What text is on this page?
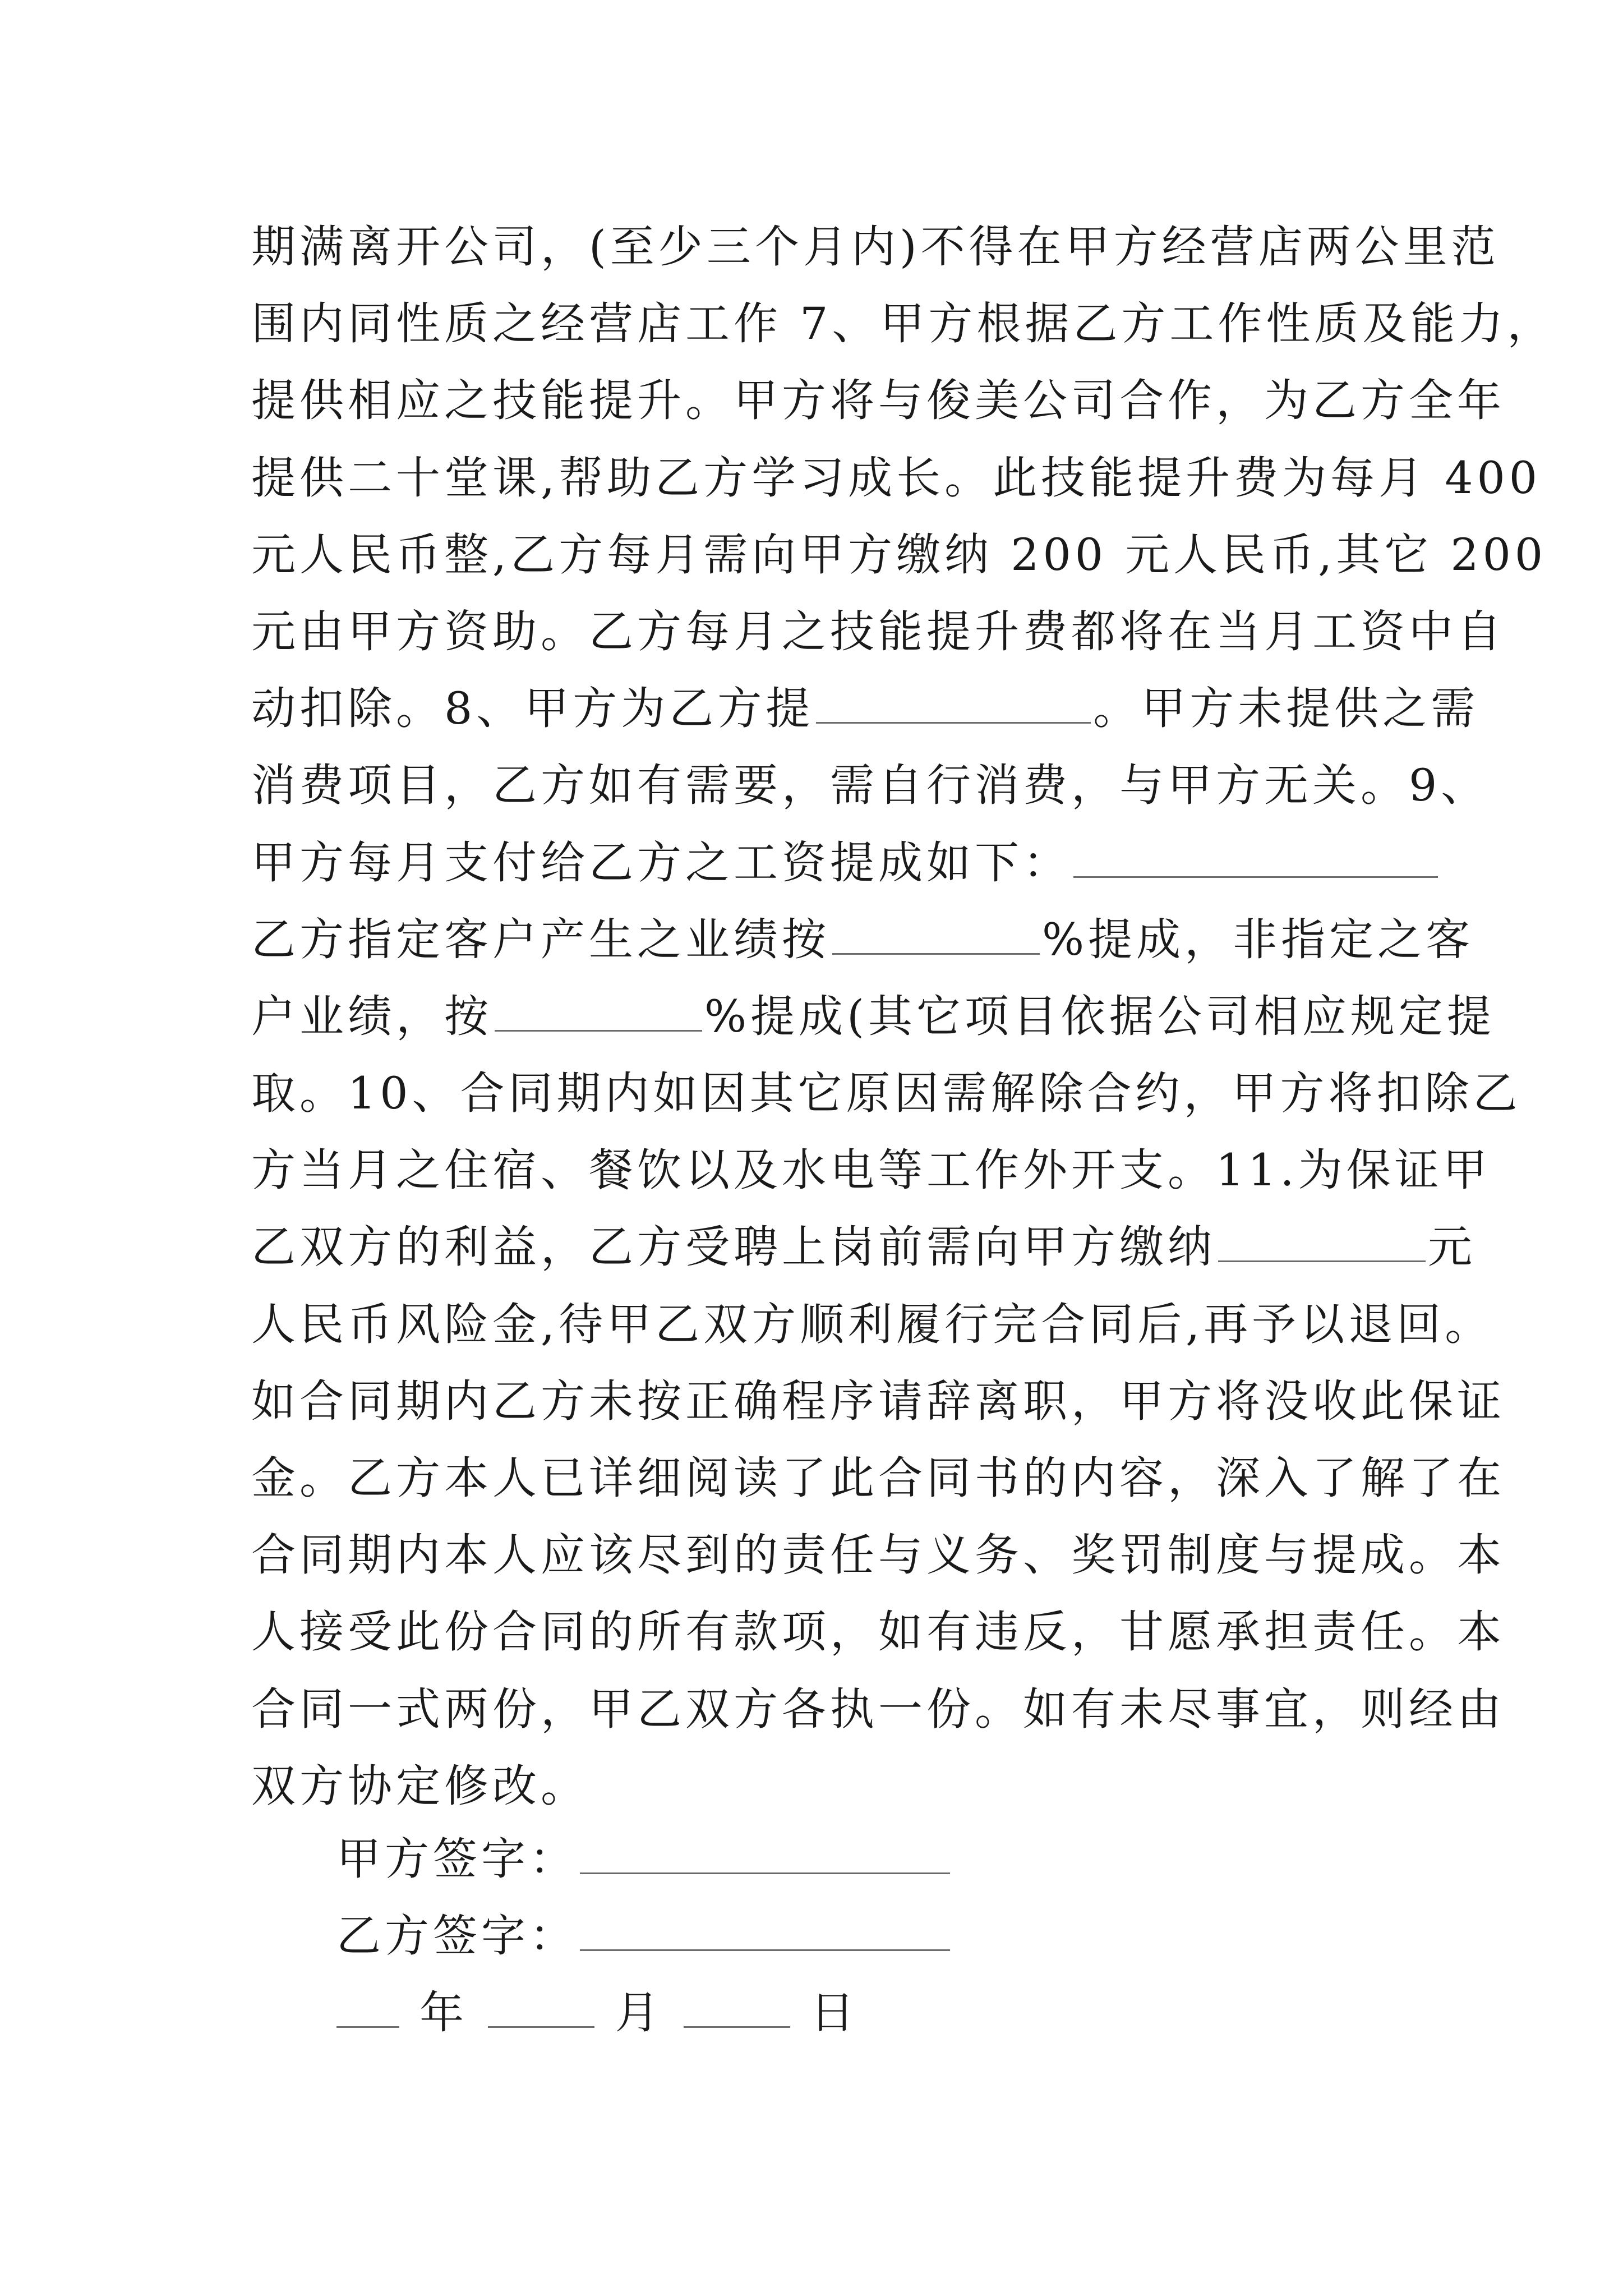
期满离开公司，(至少三个月内)不得在甲方经营店两公里范
围内同性质之经营店工作 7、甲方根据乙方工作性质及能力，
提供相应之技能提升。甲方将与俊美公司合作，为乙方全年
提供二十堂课,帮助乙方学习成长。此技能提升费为每月 400
元人民币整,乙方每月需向甲方缴纳 200 元人民币,其它 200
元由甲方资助。乙方每月之技能提升费都将在当月工资中自
动扣除。8、甲方为乙方提	。甲方未提供之需
消费项目，乙方如有需要，需自行消费，与甲方无关。9、
甲方每月支付给乙方之工资提成如下：
乙方指定客户产生之业绩按	%提成，非指定之客
户业绩，按	%提成(其它项目依据公司相应规定提
取。10、合同期内如因其它原因需解除合约，甲方将扣除乙
方当月之住宿、餐饮以及水电等工作外开支。11.为保证甲
乙双方的利益，乙方受聘上岗前需向甲方缴纳	元
人民币风险金,待甲乙双方顺利履行完合同后,再予以退回。
如合同期内乙方未按正确程序请辞离职，甲方将没收此保证
金。乙方本人已详细阅读了此合同书的内容，深入了解了在
合同期内本人应该尽到的责任与义务、奖罚制度与提成。本
人接受此份合同的所有款项，如有违反，甘愿承担责任。本
合同一式两份，甲乙双方各执一份。如有未尽事宜，则经由
双方协定修改。
甲方签字：
乙方签字：
年	月	日
